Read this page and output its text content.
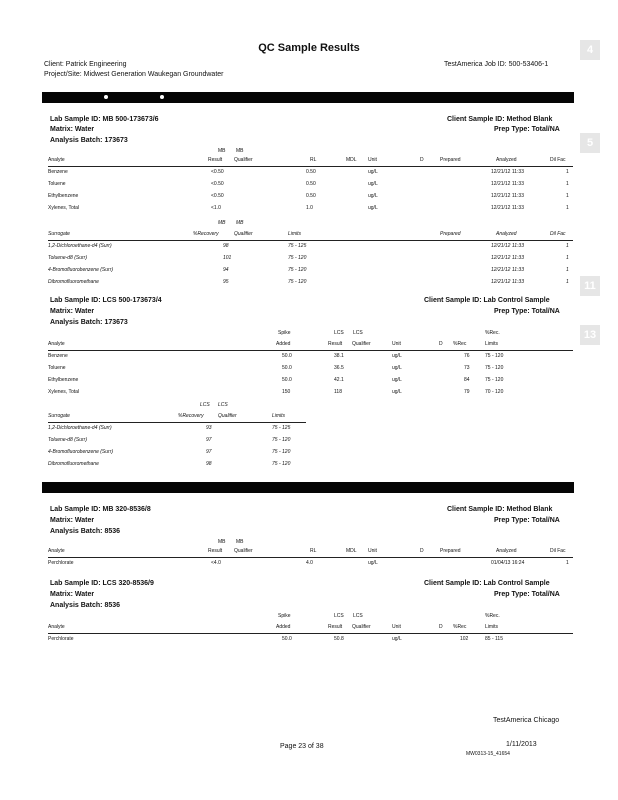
QC Sample Results
Client: Patrick Engineering
Project/Site: Midwest Generation Waukegan Groundwater
TestAmerica Job ID: 500-53406-1
4
5
11
13
Lab Sample ID: MB 500-173673/6	Client Sample ID: Method Blank
Matrix: Water	Prep Type: Total/NA
Analysis Batch: 173673
MB MB
Analyte	Result Qualifier	RL	MDL Unit	D	Prepared	Analyzed	Dil Fac
Benzene	<0.50	0.50	ug/L	12/21/12 11:33	1
Toluene	<0.50	0.50	ug/L	12/21/12 11:33	1
Ethylbenzene	<0.50	0.50	ug/L	12/21/12 11:33	1
Xylenes, Total	<1.0	1.0	ug/L	12/21/12 11:33	1
MB MB
Surrogate	%Recovery	Qualifier	Limits	Prepared	Analyzed	Dil Fac
1,2-Dichloroethane-d4 (Surr)	98	75 - 125	12/21/12 11:33	1
Toluene-d8 (Surr)	101	75 - 120	12/21/12 11:33	1
4-Bromofluorobenzene (Surr)	94	75 - 120	12/21/12 11:33	1
Dibromofluoromethane	95	75 - 120	12/21/12 11:33	1
Lab Sample ID: LCS 500-173673/4	Client Sample ID: Lab Control Sample
Matrix: Water	Prep Type: Total/NA
Analysis Batch: 173673
Spike	LCS LCS	%Rec.
Analyte	Added	Result Qualifier	Unit	D %Rec	Limits
Benzene	50.0	38.1	ug/L	76	75 - 120
Toluene	50.0	36.5	ug/L	73	75 - 120
Ethylbenzene	50.0	42.1	ug/L	84	75 - 120
Xylenes, Total	150	118	ug/L	79	70 - 120
LCS LCS
Surrogate	%Recovery	Qualifier	Limits
1,2-Dichloroethane-d4 (Surr)	93	75 - 125
Toluene-d8 (Surr)	97	75 - 120
4-Bromofluorobenzene (Surr)	97	75 - 120
Dibromofluoromethane	98	75 - 120
Lab Sample ID: MB 320-8536/8	Client Sample ID: Method Blank
Matrix: Water	Prep Type: Total/NA
Analysis Batch: 8536
MB MB
Analyte	Result Qualifier	RL	MDL Unit	D	Prepared	Analyzed	Dil Fac
Perchlorate	<4.0	4.0	ug/L	01/04/13 16:24	1
Lab Sample ID: LCS 320-8536/9	Client Sample ID: Lab Control Sample
Matrix: Water	Prep Type: Total/NA
Analysis Batch: 8536
Spike	LCS LCS	%Rec.
Analyte	Added	Result Qualifier	Unit	D %Rec	Limits
Perchlorate	50.0	50.8	ug/L	102	85 - 115
TestAmerica Chicago
Page 23 of 38	1/11/2013
MW0313-15_41654
